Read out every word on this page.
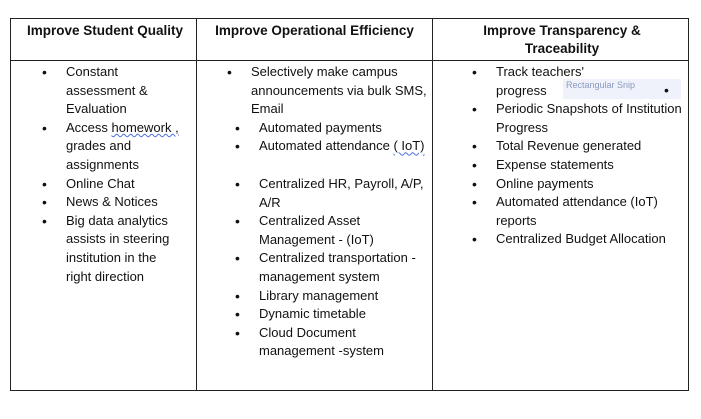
Improve Student Quality	Improve Operational Efficiency	Improve Transparency & Traceability
• Constant assessment & Evaluation
• Access homework , grades and assignments
• Online Chat
• News & Notices
• Big data analytics assists in steering institution in the right direction
• Selectively make campus announcements via bulk SMS, Email
• Automated payments
• Automated attendance ( IoT)
• Centralized HR, Payroll, A/P, A/R
• Centralized Asset Management - (IoT)
• Centralized transportation -management system
• Library management
• Dynamic timetable
• Cloud Document management -system
• Track teachers' progress
• Periodic Snapshots of Institution Progress
• Total Revenue generated
• Expense statements
• Online payments
• Automated attendance (IoT) reports
• Centralized Budget Allocation
Rectangular Snip •
